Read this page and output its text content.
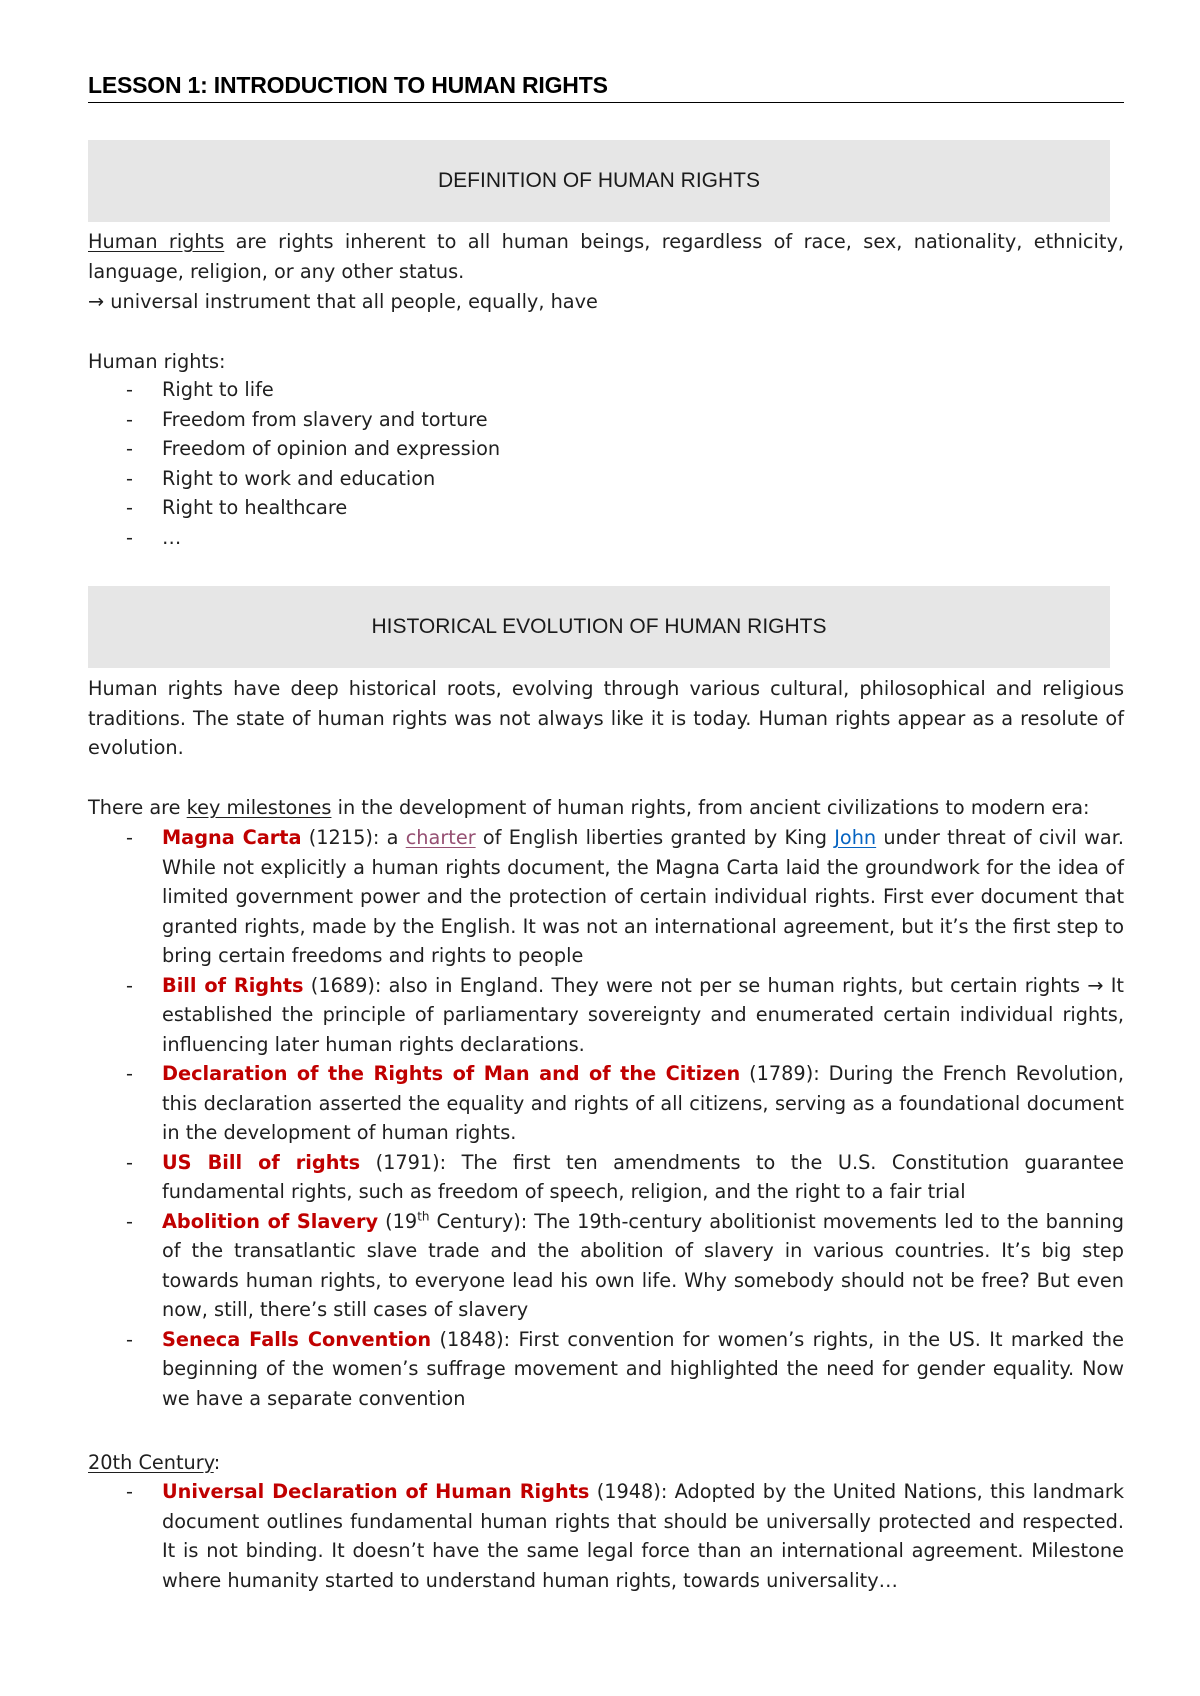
LESSON 1: INTRODUCTION TO HUMAN RIGHTS
DEFINITION OF HUMAN RIGHTS
Human rights are rights inherent to all human beings, regardless of race, sex, nationality, ethnicity, language, religion, or any other status.
→ universal instrument that all people, equally, have
Human rights:
- Right to life
- Freedom from slavery and torture
- Freedom of opinion and expression
- Right to work and education
- Right to healthcare
- …
HISTORICAL EVOLUTION OF HUMAN RIGHTS
Human rights have deep historical roots, evolving through various cultural, philosophical and religious traditions. The state of human rights was not always like it is today. Human rights appear as a resolute of evolution.
There are key milestones in the development of human rights, from ancient civilizations to modern era:
- Magna Carta (1215): a charter of English liberties granted by King John under threat of civil war. While not explicitly a human rights document, the Magna Carta laid the groundwork for the idea of limited government power and the protection of certain individual rights. First ever document that granted rights, made by the English. It was not an international agreement, but it’s the first step to bring certain freedoms and rights to people
- Bill of Rights (1689): also in England. They were not per se human rights, but certain rights → It established the principle of parliamentary sovereignty and enumerated certain individual rights, influencing later human rights declarations.
- Declaration of the Rights of Man and of the Citizen (1789): During the French Revolution, this declaration asserted the equality and rights of all citizens, serving as a foundational document in the development of human rights.
- US Bill of rights (1791): The first ten amendments to the U.S. Constitution guarantee fundamental rights, such as freedom of speech, religion, and the right to a fair trial
- Abolition of Slavery (19th Century): The 19th-century abolitionist movements led to the banning of the transatlantic slave trade and the abolition of slavery in various countries. It’s big step towards human rights, to everyone lead his own life. Why somebody should not be free? But even now, still, there’s still cases of slavery
- Seneca Falls Convention (1848): First convention for women’s rights, in the US. It marked the beginning of the women’s suffrage movement and highlighted the need for gender equality. Now we have a separate convention
20th Century:
- Universal Declaration of Human Rights (1948): Adopted by the United Nations, this landmark document outlines fundamental human rights that should be universally protected and respected. It is not binding. It doesn’t have the same legal force than an international agreement. Milestone where humanity started to understand human rights, towards universality…
